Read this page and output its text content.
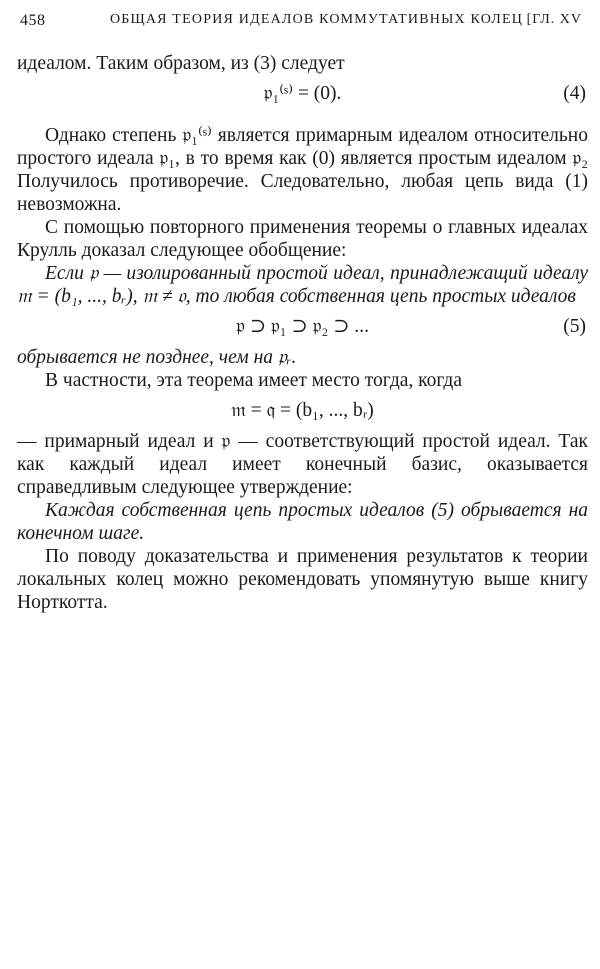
458	ОБЩАЯ ТЕОРИЯ ИДЕАЛОВ КОММУТАТИВНЫХ КОЛЕЦ [ГЛ. XV

идеалом. Таким образом, из (3) следует

𝔭₁⁽ˢ⁾ = (0).	(4)

Однако степень 𝔭₁⁽ˢ⁾ является примарным идеалом относительно простого идеала 𝔭₁, в то время как (0) является простым идеалом 𝔭₂ Получилось противоречие. Следовательно, любая цепь вида (1) невозможна.

С помощью повторного применения теоремы о главных идеалах Крулль доказал следующее обобщение:

Если 𝔭 — изолированный простой идеал, принадлежащий идеалу 𝔪 = (b₁, ..., bᵣ), 𝔪 ≠ 𝔬, то любая собственная цепь простых идеалов

𝔭 ⊃ 𝔭₁ ⊃ 𝔭₂ ⊃ ...	(5)

обрывается не позднее, чем на 𝔭ᵣ.

В частности, эта теорема имеет место тогда, когда

𝔪 = 𝔮 = (b₁, ..., bᵣ)

— примарный идеал и 𝔭 — соответствующий простой идеал. Так как каждый идеал имеет конечный базис, оказывается справедливым следующее утверждение:

Каждая собственная цепь простых идеалов (5) обрывается на конечном шаге.

По поводу доказательства и применения результатов к теории локальных колец можно рекомендовать упомянутую выше книгу Норткотта.
